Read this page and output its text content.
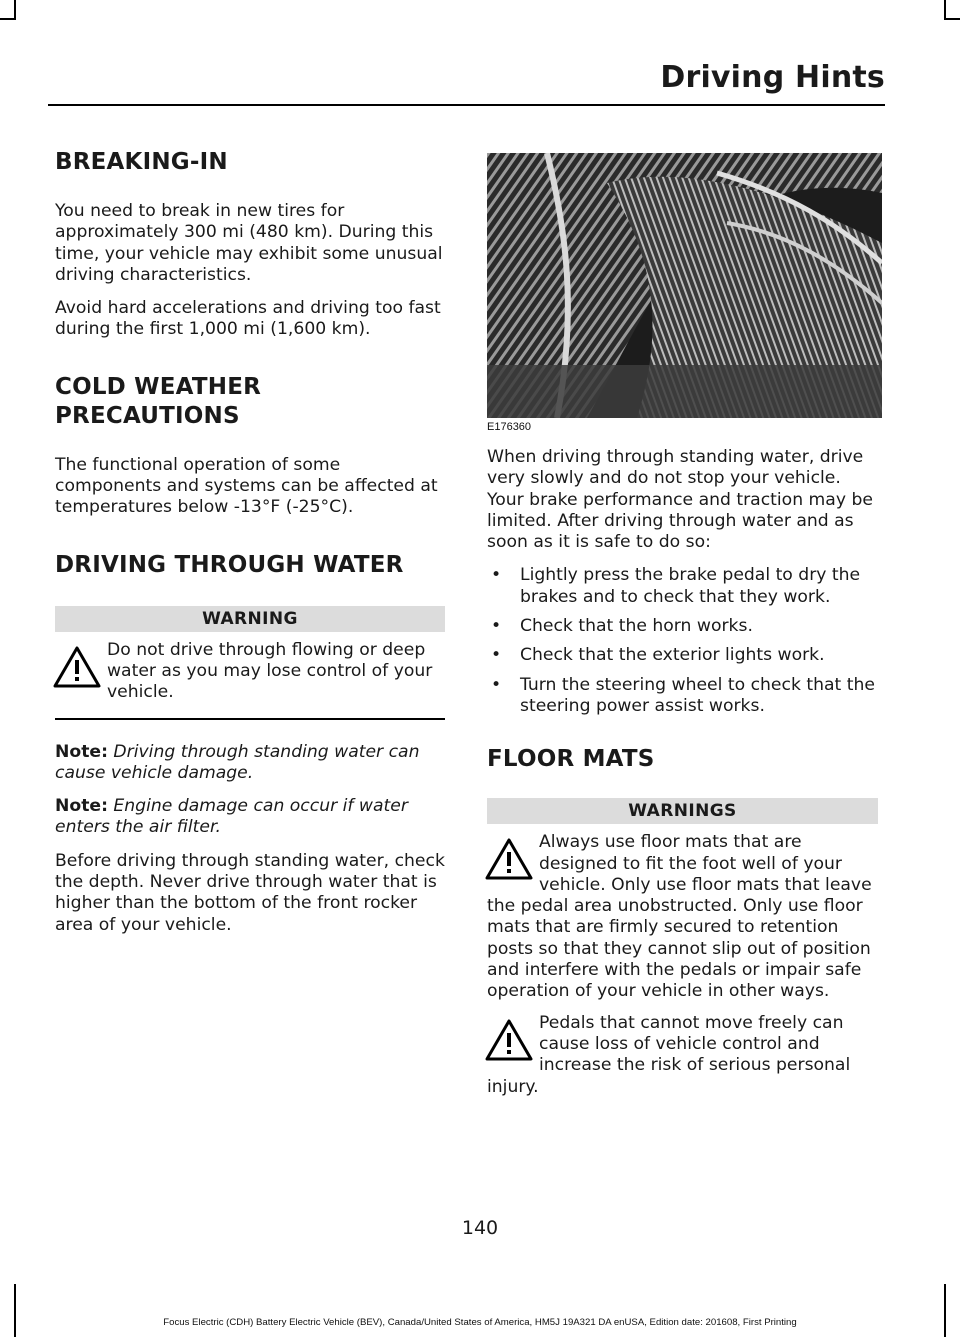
Driving Hints
BREAKING-IN

You need to break in new tires for approximately 300 mi (480 km). During this time, your vehicle may exhibit some unusual driving characteristics.

Avoid hard accelerations and driving too fast during the first 1,000 mi (1,600 km).

COLD WEATHER
PRECAUTIONS

The functional operation of some components and systems can be affected at temperatures below -13°F (-25°C).

DRIVING THROUGH WATER
WARNING

Do not drive through flowing or deep water as you may lose control of your vehicle.

Note: Driving through standing water can cause vehicle damage.

Note: Engine damage can occur if water enters the air filter.

Before driving through standing water, check the depth. Never drive through water that is higher than the bottom of the front rocker area of your vehicle.

E176360

When driving through standing water, drive very slowly and do not stop your vehicle. Your brake performance and traction may be limited. After driving through water and as soon as it is safe to do so:

• Lightly press the brake pedal to dry the brakes and to check that they work.
• Check that the horn works.
• Check that the exterior lights work.
• Turn the steering wheel to check that the steering power assist works.
FLOOR MATS
WARNINGS

Always use floor mats that are designed to fit the foot well of your vehicle. Only use floor mats that leave the pedal area unobstructed. Only use floor mats that are firmly secured to retention posts so that they cannot slip out of position and interfere with the pedals or impair safe operation of your vehicle in other ways.

Pedals that cannot move freely can cause loss of vehicle control and increase the risk of serious personal injury.

140
Focus Electric (CDH) Battery Electric Vehicle (BEV), Canada/United States of America, HM5J 19A321 DA enUSA, Edition date: 201608, First Printing
